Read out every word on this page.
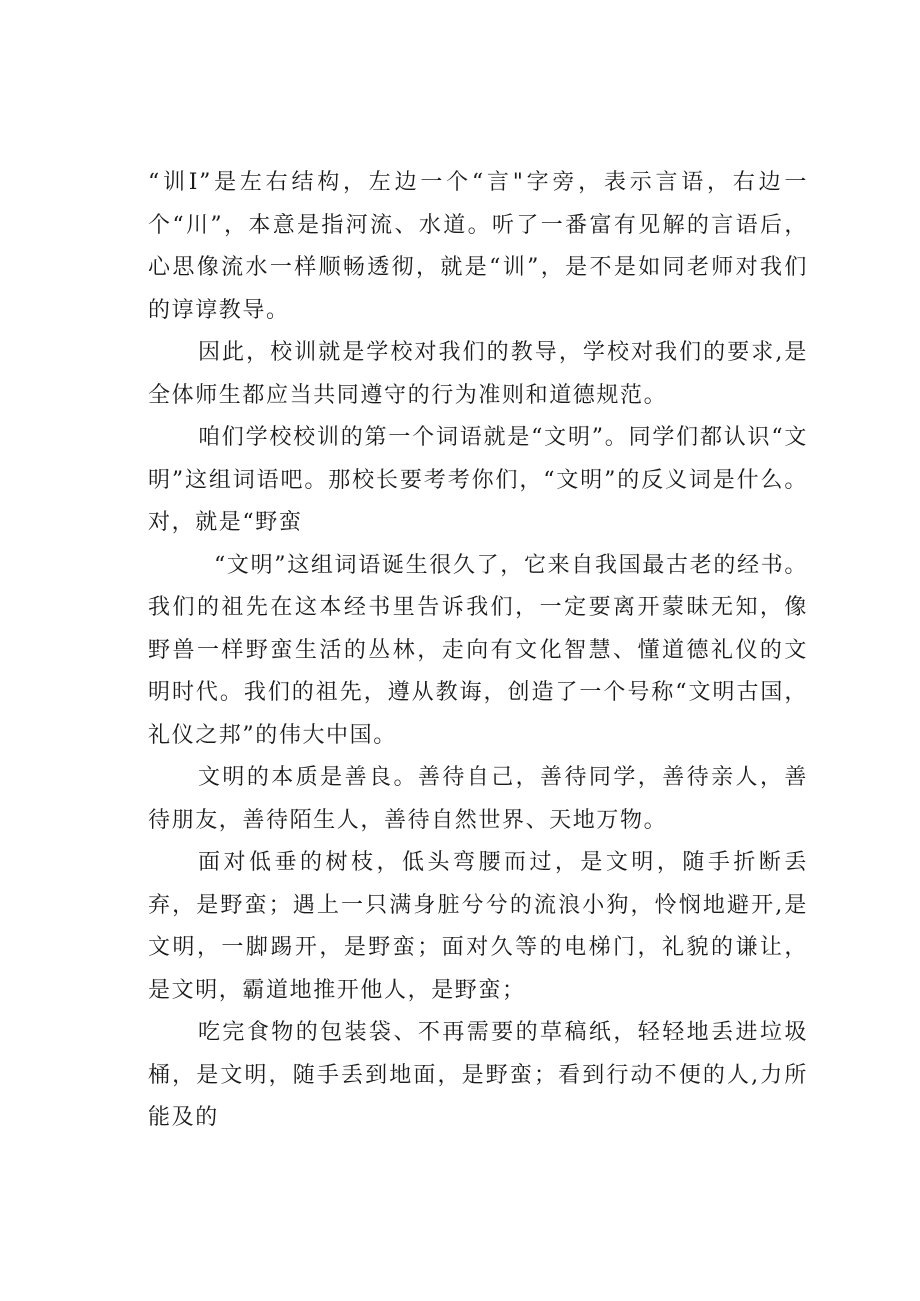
“训I”是左右结构，左边一个“言"字旁，表示言语，右边一个“川”，本意是指河流、水道。听了一番富有见解的言语后，心思像流水一样顺畅透彻，就是“训”，是不是如同老师对我们的谆谆教导。

因此，校训就是学校对我们的教导，学校对我们的要求,是全体师生都应当共同遵守的行为准则和道德规范。

咱们学校校训的第一个词语就是“文明”。同学们都认识“文明”这组词语吧。那校长要考考你们，“文明”的反义词是什么。对，就是“野蛮

“文明”这组词语诞生很久了，它来自我国最古老的经书。我们的祖先在这本经书里告诉我们，一定要离开蒙昧无知，像野兽一样野蛮生活的丛林，走向有文化智慧、懂道德礼仪的文明时代。我们的祖先，遵从教诲，创造了一个号称“文明古国，礼仪之邦”的伟大中国。

文明的本质是善良。善待自己，善待同学，善待亲人，善待朋友，善待陌生人，善待自然世界、天地万物。

面对低垂的树枝，低头弯腰而过，是文明，随手折断丢弃，是野蛮；遇上一只满身脏兮兮的流浪小狗，怜悯地避开,是文明，一脚踢开，是野蛮；面对久等的电梯门，礼貌的谦让，是文明，霸道地推开他人，是野蛮；

吃完食物的包装袋、不再需要的草稿纸，轻轻地丢进垃圾桶，是文明，随手丢到地面，是野蛮；看到行动不便的人,力所能及的
